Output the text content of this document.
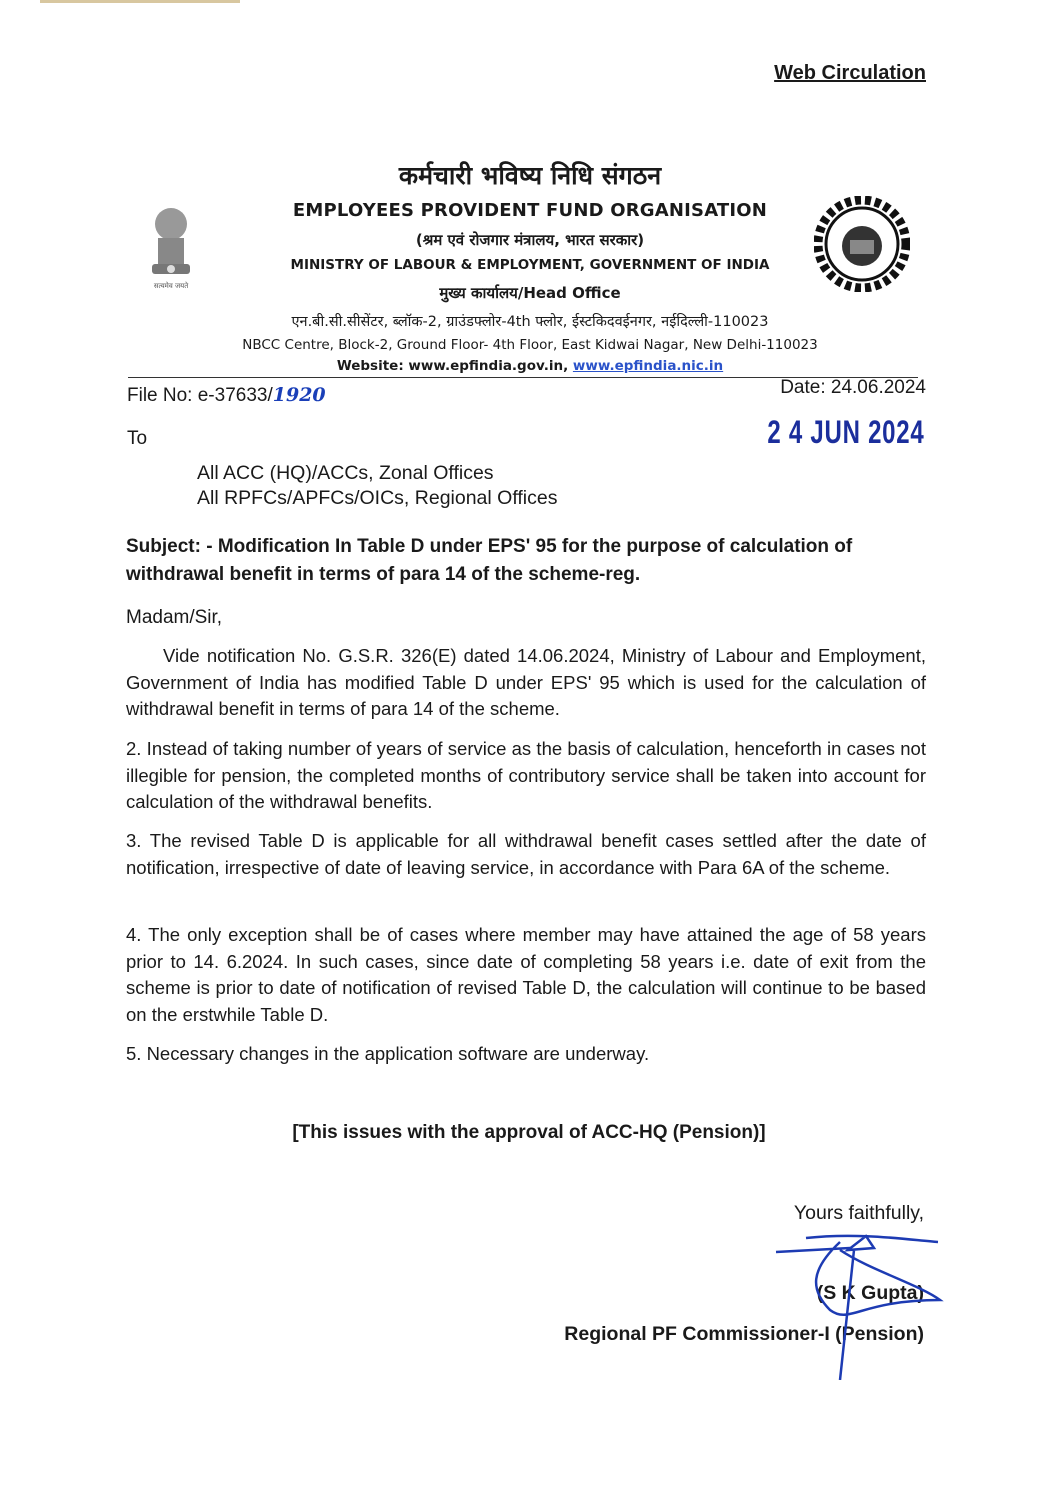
Web Circulation
सत्यमेव जयते
कर्मचारी भविष्य निधि संगठन
EMPLOYEES PROVIDENT FUND ORGANISATION
(श्रम एवं रोजगार मंत्रालय, भारत सरकार)
MINISTRY OF LABOUR & EMPLOYMENT, GOVERNMENT OF INDIA
मुख्य कार्यालय/Head Office
एन.बी.सी.सीसेंटर, ब्लॉक-2, ग्राउंडफ्लोर-4th फ्लोर, ईस्टकिदवईनगर, नईदिल्ली-110023
NBCC Centre, Block-2, Ground Floor- 4th Floor, East Kidwai Nagar, New Delhi-110023
Website: www.epfindia.gov.in, www.epfindia.nic.in
File No: e-37633/1920	Date: 24.06.2024
2 4 JUN 2024
To
All ACC (HQ)/ACCs, Zonal Offices
All RPFCs/APFCs/OICs, Regional Offices
Subject: - Modification In Table D under EPS' 95 for the purpose of calculation of withdrawal benefit in terms of para 14 of the scheme-reg.
Madam/Sir,
Vide notification No. G.S.R. 326(E) dated 14.06.2024, Ministry of Labour and Employment, Government of India has modified Table D under EPS' 95 which is used for the calculation of withdrawal benefit in terms of para 14 of the scheme.
2. Instead of taking number of years of service as the basis of calculation, henceforth in cases not illegible for pension, the completed months of contributory service shall be taken into account for calculation of the withdrawal benefits.
3. The revised Table D is applicable for all withdrawal benefit cases settled after the date of notification, irrespective of date of leaving service, in accordance with Para 6A of the scheme.
4. The only exception shall be of cases where member may have attained the age of 58 years prior to 14. 6.2024. In such cases, since date of completing 58 years i.e. date of exit from the scheme is prior to date of notification of revised Table D, the calculation will continue to be based on the erstwhile Table D.
5. Necessary changes in the application software are underway.
[This issues with the approval of ACC-HQ (Pension)]
Yours faithfully,
(S K Gupta)
Regional PF Commissioner-I (Pension)
